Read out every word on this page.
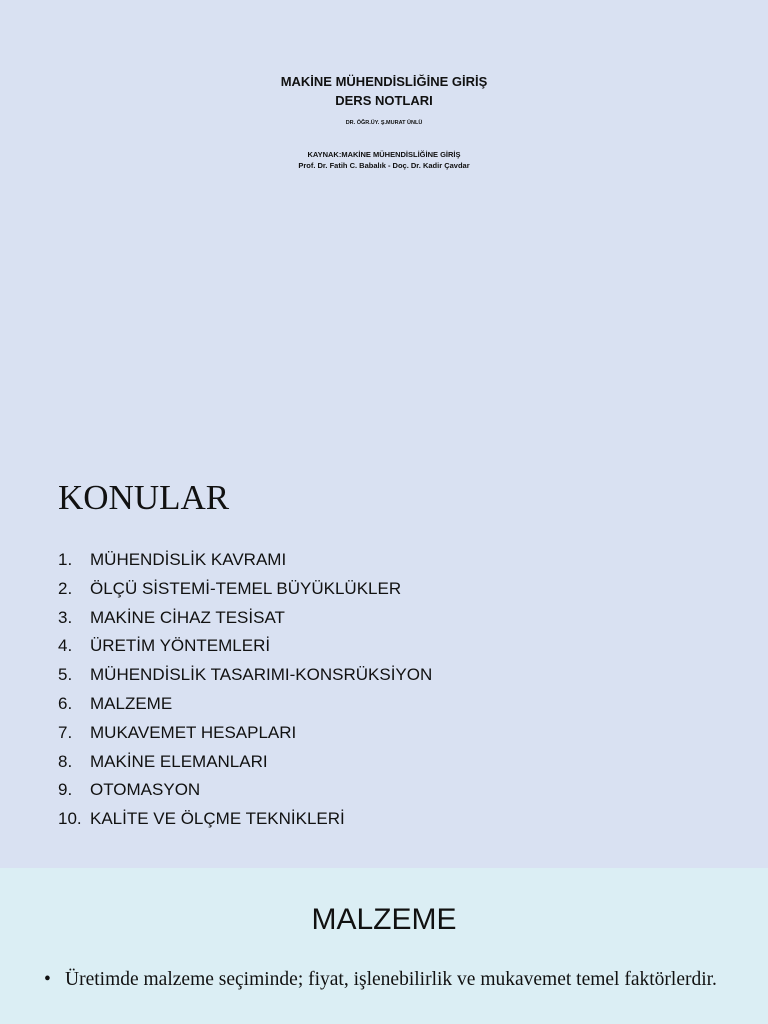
MAKİNE MÜHENDİSLİĞİNE GİRİŞ
DERS NOTLARI
DR. ÖĞR.ÜY. Ş.MURAT ÜNLÜ
KAYNAK:MAKİNE MÜHENDİSLİĞİNE GİRİŞ
Prof. Dr. Fatih C. Babalık - Doç. Dr. Kadir Çavdar
KONULAR
1.	MÜHENDİSLİK KAVRAMI
2.	ÖLÇÜ SİSTEMİ-TEMEL BÜYÜKLÜKLER
3.	MAKİNE CİHAZ TESİSAT
4.	ÜRETİM YÖNTEMLERİ
5.	MÜHENDİSLİK TASARIMI-KONSRÜKSİYON
6.	MALZEME
7.	MUKAVEMET HESAPLARI
8.	MAKİNE ELEMANLARI
9.	OTOMASYON
10. KALİTE VE ÖLÇME TEKNİKLERİ
MALZEME
• Üretimde malzeme seçiminde; fiyat, işlenebilirlik ve mukavemet temel faktörlerdir.
